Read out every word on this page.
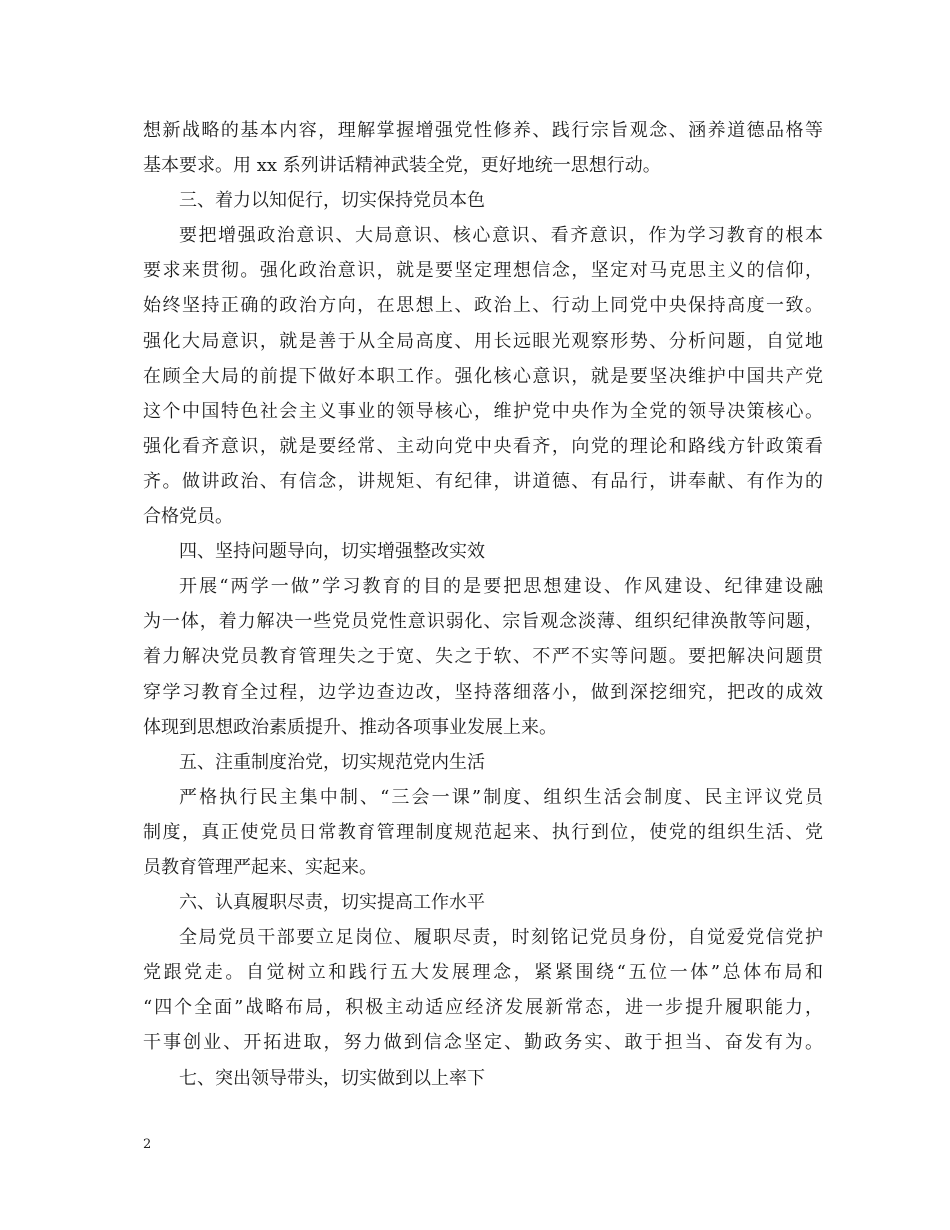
想新战略的基本内容，理解掌握增强党性修养、践行宗旨观念、涵养道德品格等
基本要求。用 xx 系列讲话精神武装全党，更好地统一思想行动。
三、着力以知促行，切实保持党员本色
要把增强政治意识、大局意识、核心意识、看齐意识，作为学习教育的根本
要求来贯彻。强化政治意识，就是要坚定理想信念，坚定对马克思主义的信仰，
始终坚持正确的政治方向，在思想上、政治上、行动上同党中央保持高度一致。
强化大局意识，就是善于从全局高度、用长远眼光观察形势、分析问题，自觉地
在顾全大局的前提下做好本职工作。强化核心意识，就是要坚决维护中国共产党
这个中国特色社会主义事业的领导核心，维护党中央作为全党的领导决策核心。
强化看齐意识，就是要经常、主动向党中央看齐，向党的理论和路线方针政策看
齐。做讲政治、有信念，讲规矩、有纪律，讲道德、有品行，讲奉献、有作为的
合格党员。
四、坚持问题导向，切实增强整改实效
开展“两学一做”学习教育的目的是要把思想建设、作风建设、纪律建设融
为一体，着力解决一些党员党性意识弱化、宗旨观念淡薄、组织纪律涣散等问题，
着力解决党员教育管理失之于宽、失之于软、不严不实等问题。要把解决问题贯
穿学习教育全过程，边学边查边改，坚持落细落小，做到深挖细究，把改的成效
体现到思想政治素质提升、推动各项事业发展上来。
五、注重制度治党，切实规范党内生活
严格执行民主集中制、“三会一课”制度、组织生活会制度、民主评议党员
制度，真正使党员日常教育管理制度规范起来、执行到位，使党的组织生活、党
员教育管理严起来、实起来。
六、认真履职尽责，切实提高工作水平
全局党员干部要立足岗位、履职尽责，时刻铭记党员身份，自觉爱党信党护
党跟党走。自觉树立和践行五大发展理念，紧紧围绕“五位一体”总体布局和
“四个全面”战略布局，积极主动适应经济发展新常态，进一步提升履职能力，
干事创业、开拓进取，努力做到信念坚定、勤政务实、敢于担当、奋发有为。
七、突出领导带头，切实做到以上率下
2
